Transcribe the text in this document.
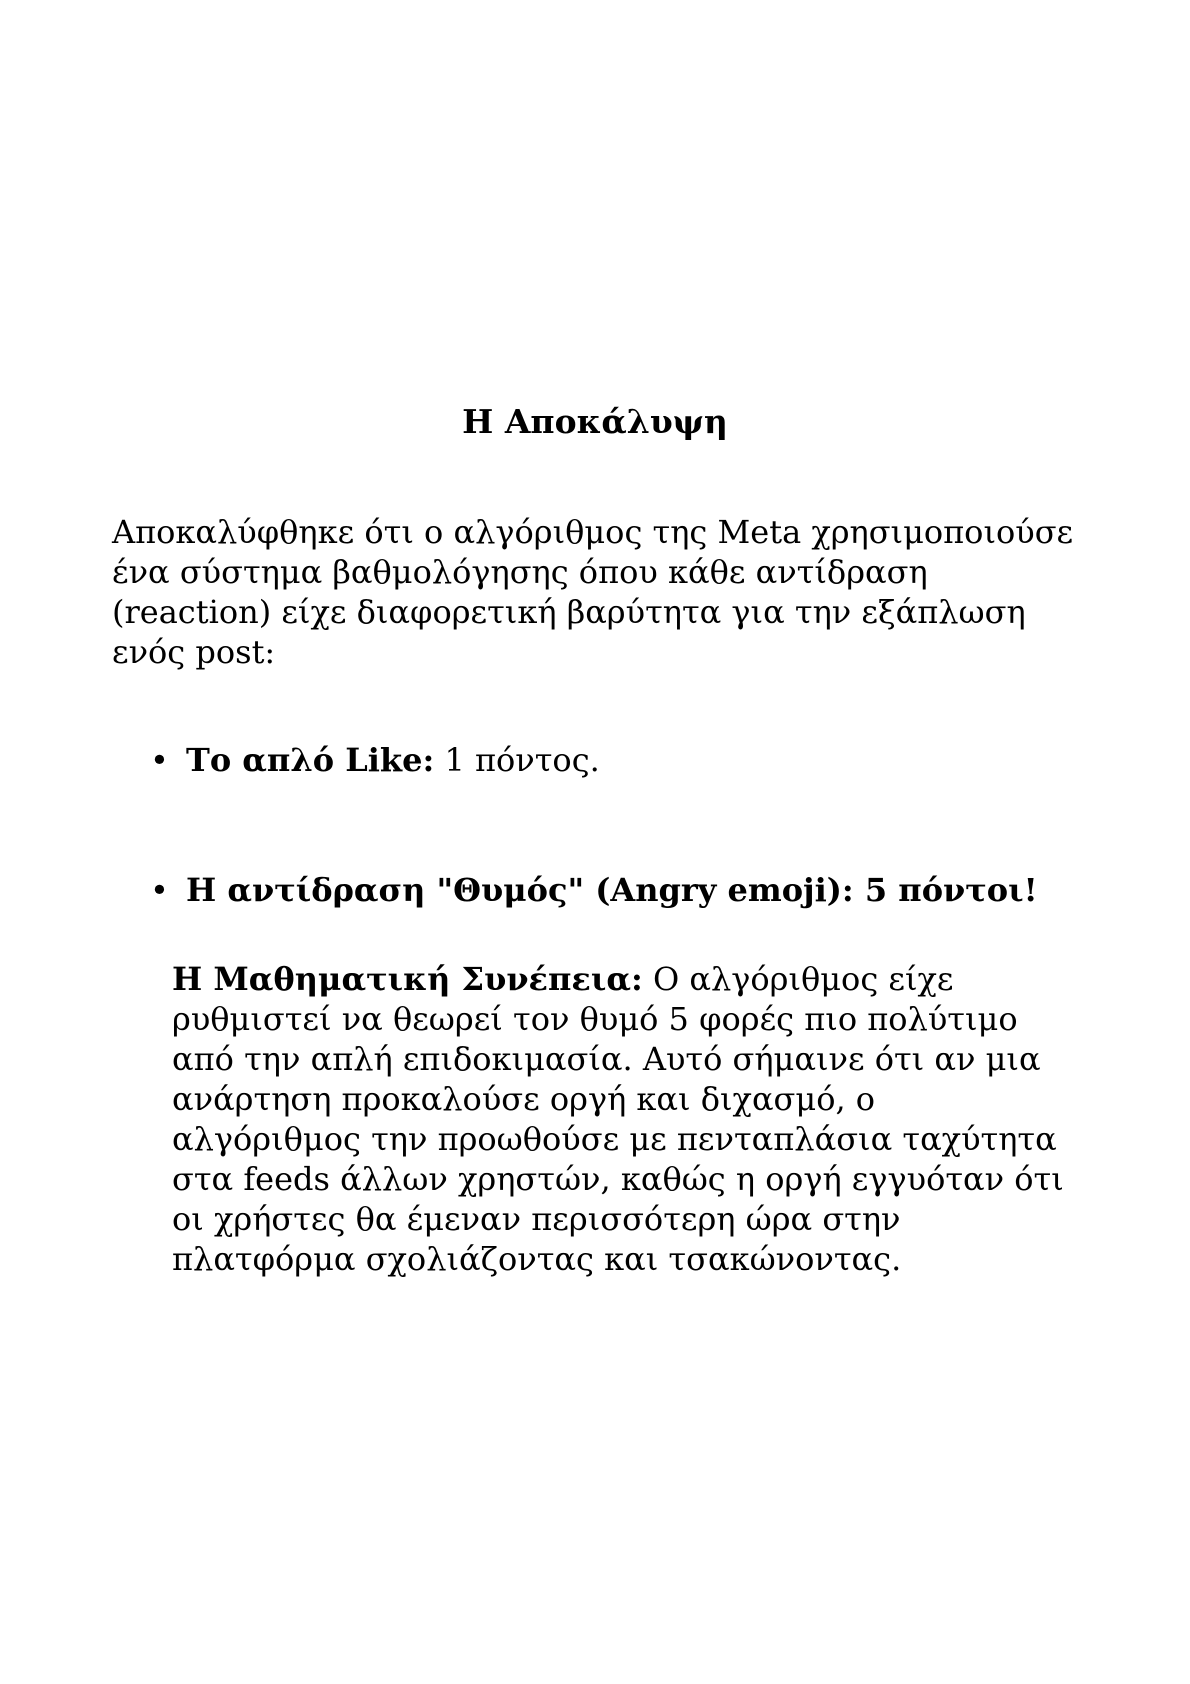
Η Αποκάλυψη

Αποκαλύφθηκε ότι ο αλγόριθμος της Meta χρησιμοποιούσε ένα σύστημα βαθμολόγησης όπου κάθε αντίδραση (reaction) είχε διαφορετική βαρύτητα για την εξάπλωση ενός post:

• Το απλό Like: 1 πόντος.
• Η αντίδραση "Θυμός" (Angry emoji): 5 πόντοι!

Η Μαθηματική Συνέπεια: Ο αλγόριθμος είχε ρυθμιστεί να θεωρεί τον θυμό 5 φορές πιο πολύτιμο από την απλή επιδοκιμασία. Αυτό σήμαινε ότι αν μια ανάρτηση προκαλούσε οργή και διχασμό, ο αλγόριθμος την προωθούσε με πενταπλάσια ταχύτητα στα feeds άλλων χρηστών, καθώς η οργή εγγυόταν ότι οι χρήστες θα έμεναν περισσότερη ώρα στην πλατφόρμα σχολιάζοντας και τσακώνοντας.
